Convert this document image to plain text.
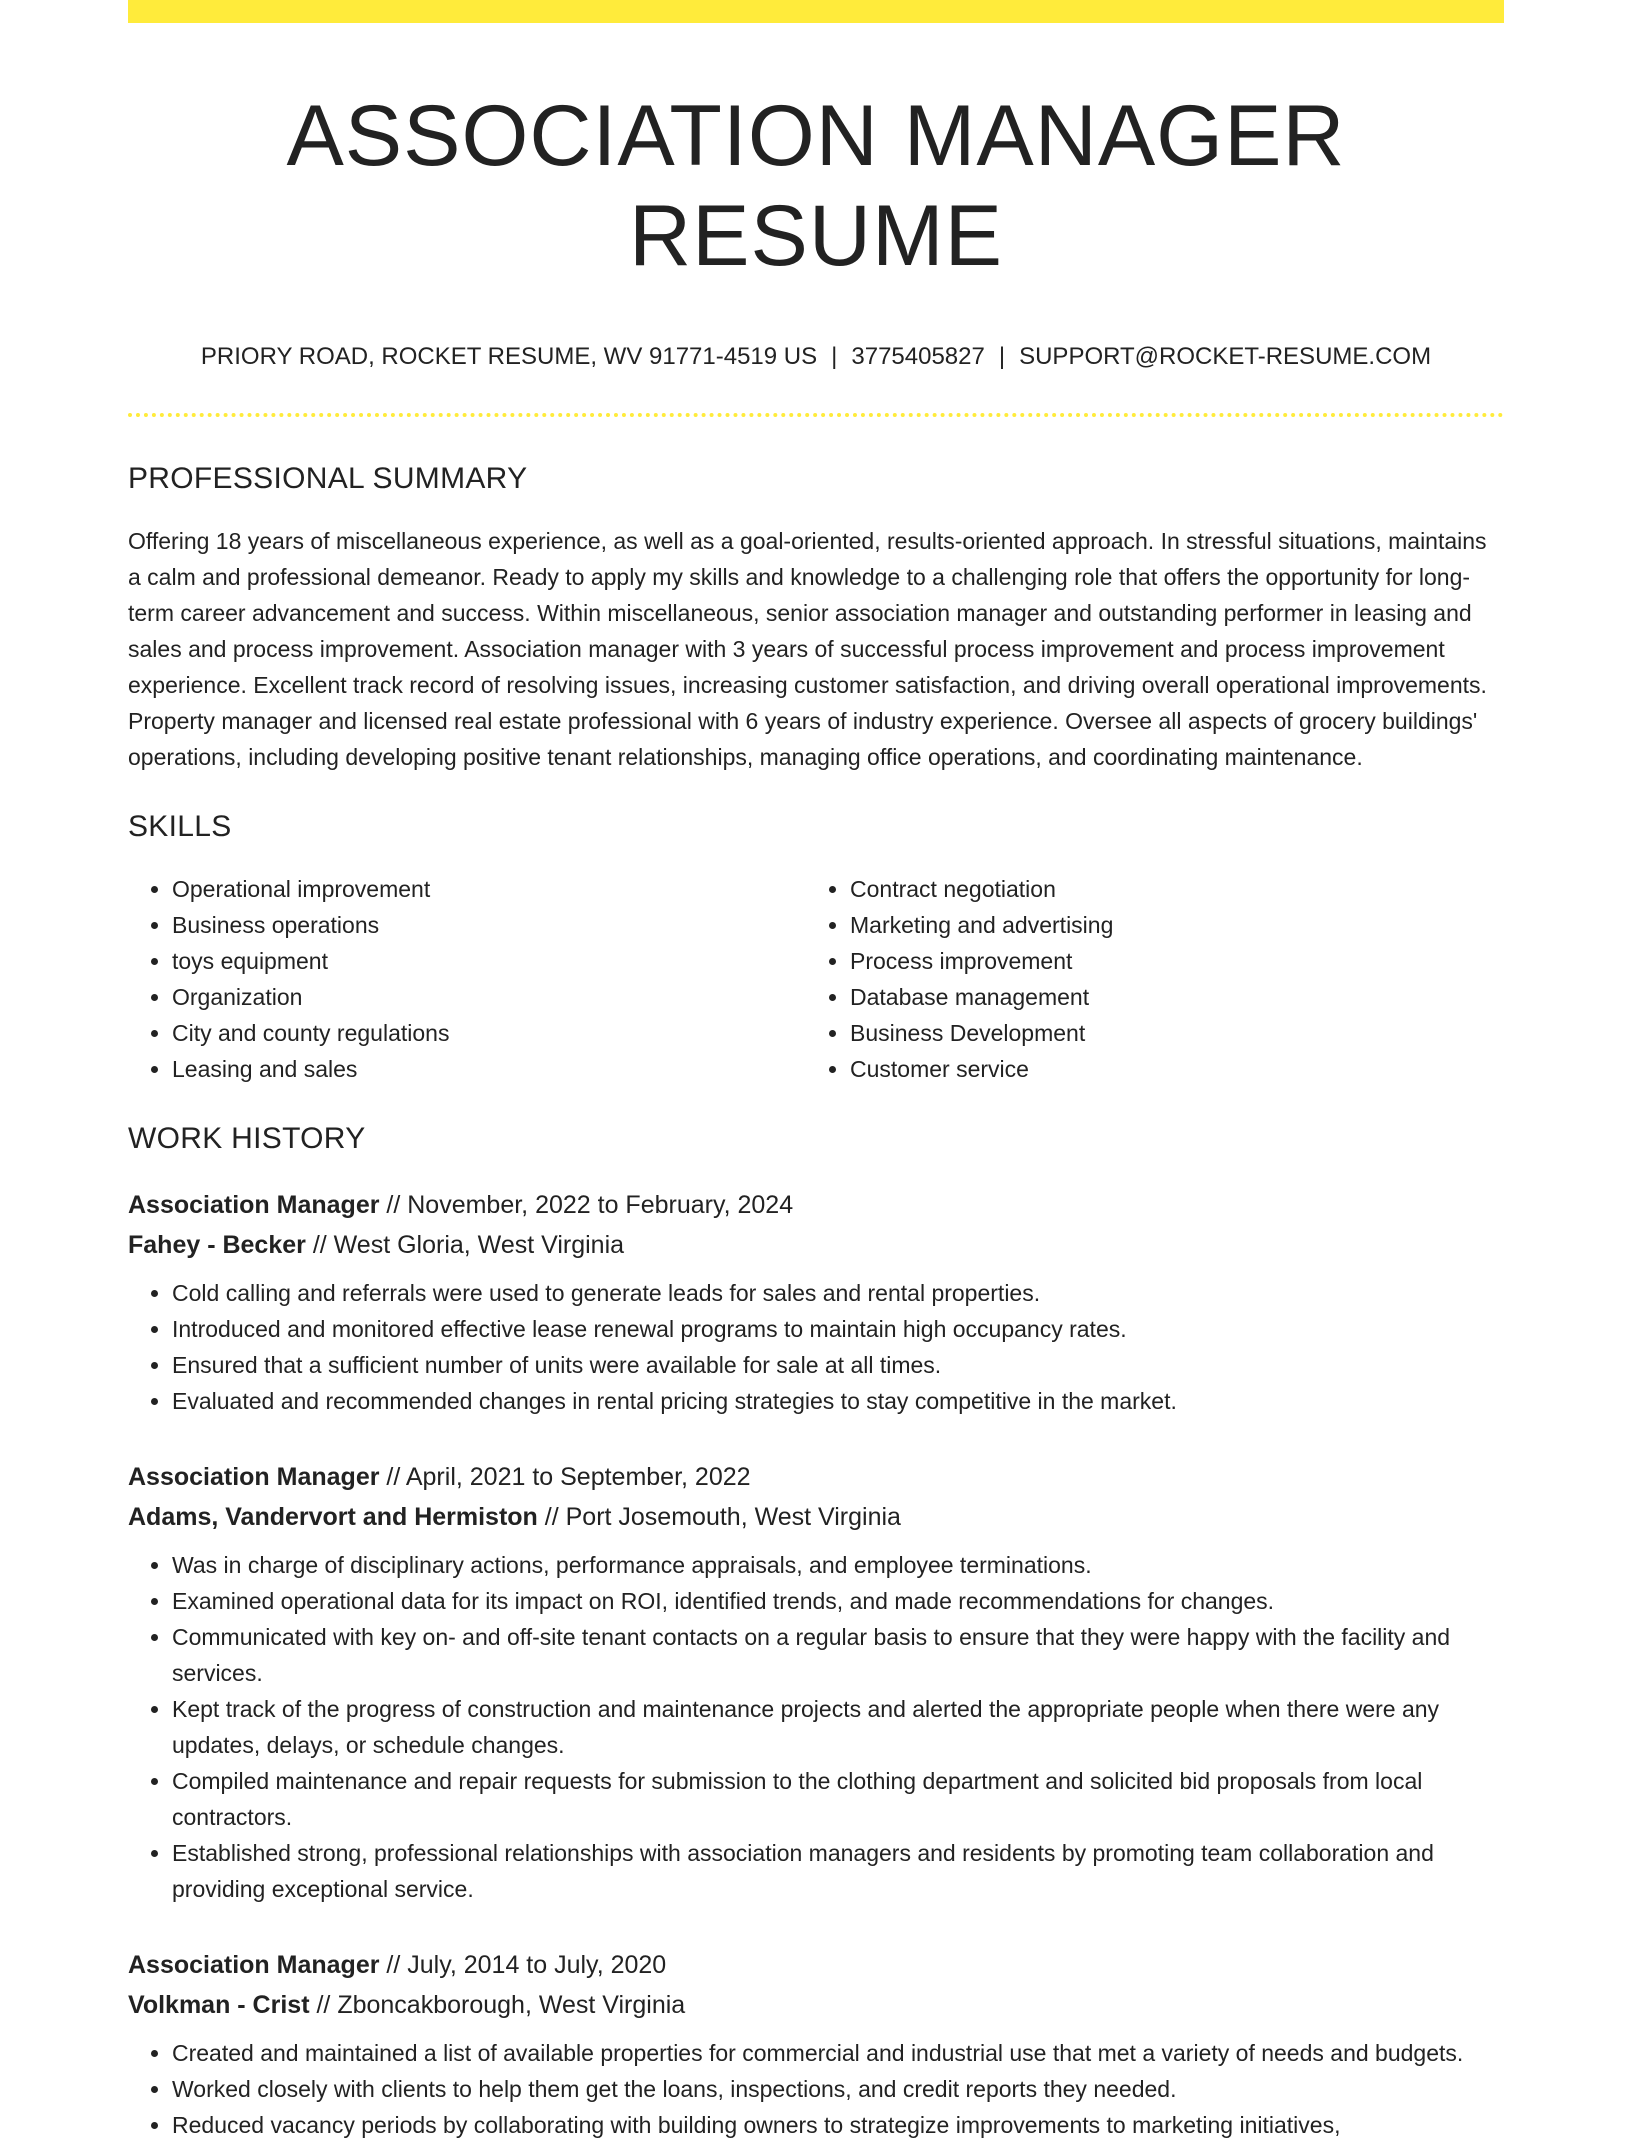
ASSOCIATION MANAGER RESUME
PRIORY ROAD, ROCKET RESUME, WV 91771-4519 US | 3775405827 | SUPPORT@ROCKET-RESUME.COM
PROFESSIONAL SUMMARY

Offering 18 years of miscellaneous experience, as well as a goal-oriented, results-oriented approach. In stressful situations, maintains a calm and professional demeanor. Ready to apply my skills and knowledge to a challenging role that offers the opportunity for long-term career advancement and success. Within miscellaneous, senior association manager and outstanding performer in leasing and sales and process improvement. Association manager with 3 years of successful process improvement and process improvement experience. Excellent track record of resolving issues, increasing customer satisfaction, and driving overall operational improvements. Property manager and licensed real estate professional with 6 years of industry experience. Oversee all aspects of grocery buildings' operations, including developing positive tenant relationships, managing office operations, and coordinating maintenance.

SKILLS
• Operational improvement
• Business operations
• toys equipment
• Organization
• City and county regulations
• Leasing and sales
• Contract negotiation
• Marketing and advertising
• Process improvement
• Database management
• Business Development
• Customer service
WORK HISTORY
Association Manager // November, 2022 to February, 2024
Fahey - Becker // West Gloria, West Virginia
• Cold calling and referrals were used to generate leads for sales and rental properties.
• Introduced and monitored effective lease renewal programs to maintain high occupancy rates.
• Ensured that a sufficient number of units were available for sale at all times.
• Evaluated and recommended changes in rental pricing strategies to stay competitive in the market.
Association Manager // April, 2021 to September, 2022
Adams, Vandervort and Hermiston // Port Josemouth, West Virginia
• Was in charge of disciplinary actions, performance appraisals, and employee terminations.
• Examined operational data for its impact on ROI, identified trends, and made recommendations for changes.
• Communicated with key on- and off-site tenant contacts on a regular basis to ensure that they were happy with the facility and services.
• Kept track of the progress of construction and maintenance projects and alerted the appropriate people when there were any updates, delays, or schedule changes.
• Compiled maintenance and repair requests for submission to the clothing department and solicited bid proposals from local contractors.
• Established strong, professional relationships with association managers and residents by promoting team collaboration and providing exceptional service.
Association Manager // July, 2014 to July, 2020
Volkman - Crist // Zboncakborough, West Virginia
• Created and maintained a list of available properties for commercial and industrial use that met a variety of needs and budgets.
• Worked closely with clients to help them get the loans, inspections, and credit reports they needed.
• Reduced vacancy periods by collaborating with building owners to strategize improvements to marketing initiatives,
